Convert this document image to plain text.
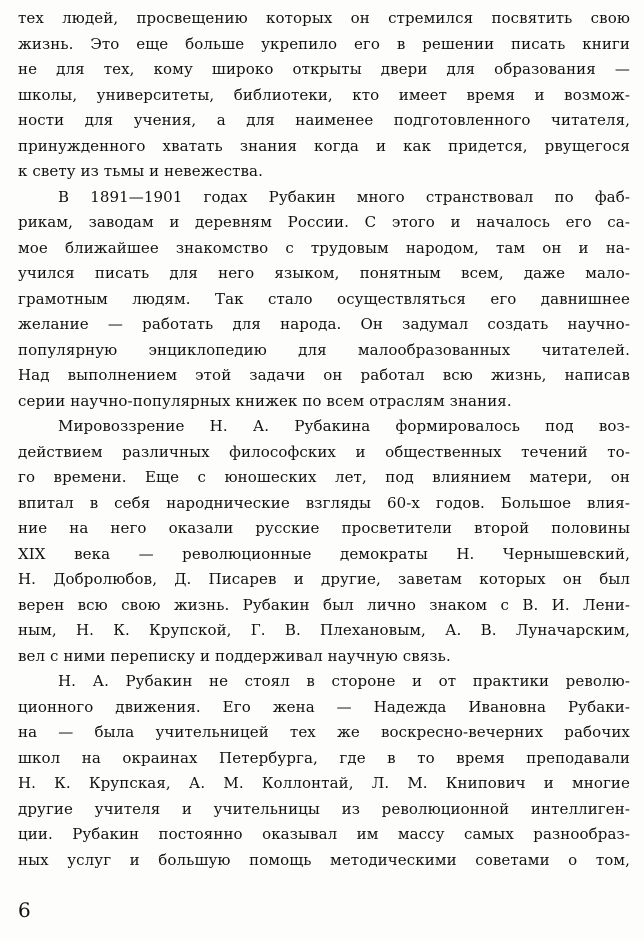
тех людей, просвещению которых он стремился посвятить свою
жизнь. Это еще больше укрепило его в решении писать книги
не для тех, кому широко открыты двери для образования —
школы, университеты, библиотеки, кто имеет время и возмож-
ности для учения, а для наименее подготовленного читателя,
принужденного хватать знания когда и как придется, рвущегося
к свету из тьмы и невежества.
В 1891—1901 годах Рубакин много странствовал по фаб-
рикам, заводам и деревням России. С этого и началось его са-
мое ближайшее знакомство с трудовым народом, там он и на-
учился писать для него языком, понятным всем, даже мало-
грамотным людям. Так стало осуществляться его давнишнее
желание — работать для народа. Он задумал создать научно-
популярную энциклопедию для малообразованных читателей.
Над выполнением этой задачи он работал всю жизнь, написав
серии научно-популярных книжек по всем отраслям знания.
Мировоззрение Н. А. Рубакина формировалось под воз-
действием различных философских и общественных течений то-
го времени. Еще с юношеских лет, под влиянием матери, он
впитал в себя народнические взгляды 60-х годов. Большое влия-
ние на него оказали русские просветители второй половины
XIX века — революционные демократы Н. Чернышевский,
Н. Добролюбов, Д. Писарев и другие, заветам которых он был
верен всю свою жизнь. Рубакин был лично знаком с В. И. Лени-
ным, Н. К. Крупской, Г. В. Плехановым, А. В. Луначарским,
вел с ними переписку и поддерживал научную связь.
Н. А. Рубакин не стоял в стороне и от практики револю-
ционного движения. Его жена — Надежда Ивановна Рубаки-
на — была учительницей тех же воскресно-вечерних рабочих
школ на окраинах Петербурга, где в то время преподавали
Н. К. Крупская, А. М. Коллонтай, Л. М. Книпович и многие
другие учителя и учительницы из революционной интеллиген-
ции. Рубакин постоянно оказывал им массу самых разнообраз-
ных услуг и большую помощь методическими советами о том,
6
